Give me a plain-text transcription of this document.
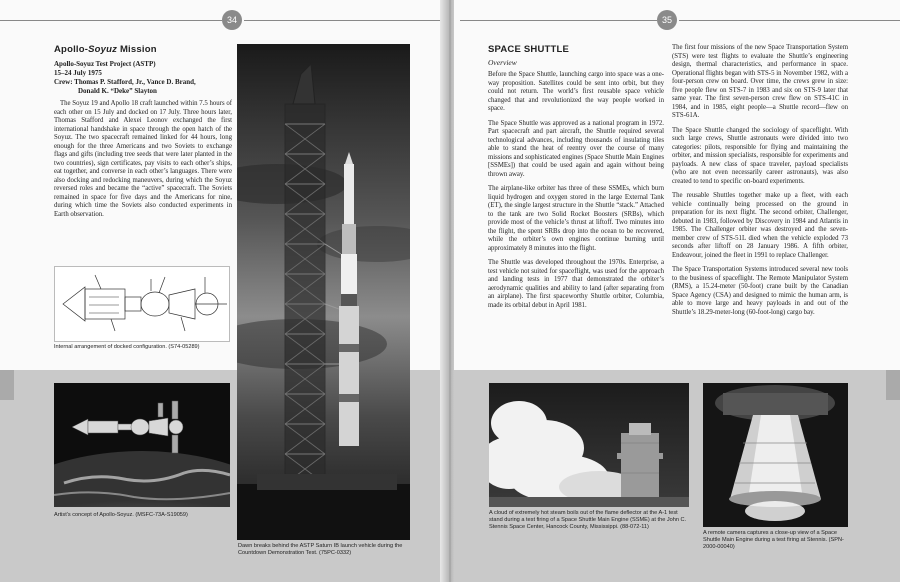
34
Apollo-Soyuz Mission
Apollo-Soyuz Test Project (ASTP)
15–24 July 1975
Crew: Thomas P. Stafford, Jr., Vance D. Brand,
Donald K. “Deke” Slayton

The Soyuz 19 and Apollo 18 craft launched within 7.5 hours of each other on 15 July and docked on 17 July. Three hours later, Thomas Stafford and Alexei Leonov exchanged the first international handshake in space through the open hatch of the Soyuz. The two spacecraft remained linked for 44 hours, long enough for the three Americans and two Soviets to exchange flags and gifts (including tree seeds that were later planted in the two countries), sign certificates, pay visits to each other’s ships, eat together, and converse in each other’s languages. There were also docking and redocking maneuvers, during which the Soyuz reversed roles and became the “active” spacecraft. The Soviets remained in space for five days and the Americans for nine, during which time the Soviets also conducted experiments in Earth observation.

Internal arrangement of docked configuration. (S74-05289)
Artist’s concept of Apollo-Soyuz. (MSFC-73A-S19059)
Dawn breaks behind the ASTP Saturn IB launch vehicle during the Countdown Demonstration Test. (75PC-0332)
35
SPACE SHUTTLE
Overview

Before the Space Shuttle, launching cargo into space was a one-way proposition. Satellites could be sent into orbit, but they could not return. The world’s first reusable space vehicle changed that and revolutionized the way people worked in space.

The Space Shuttle was approved as a national program in 1972. Part spacecraft and part aircraft, the Shuttle required several technological advances, including thousands of insulating tiles able to stand the heat of reentry over the course of many missions and sophisticated engines (Space Shuttle Main Engines [SSMEs]) that could be used again and again without being thrown away.

The airplane-like orbiter has three of these SSMEs, which burn liquid hydrogen and oxygen stored in the large External Tank (ET), the single largest structure in the Shuttle “stack.” Attached to the tank are two Solid Rocket Boosters (SRBs), which provide most of the vehicle’s thrust at liftoff. Two minutes into the flight, the spent SRBs drop into the ocean to be recovered, while the orbiter’s own engines continue burning until approximately 8 minutes into the flight.

The Shuttle was developed throughout the 1970s. Enterprise, a test vehicle not suited for spaceflight, was used for the approach and landing tests in 1977 that demonstrated the orbiter’s aerodynamic qualities and ability to land (after separating from an airplane). The first spaceworthy Shuttle orbiter, Columbia, made its orbital debut in April 1981.

The first four missions of the new Space Transportation System (STS) were test flights to evaluate the Shuttle’s engineering design, thermal characteristics, and performance in space. Operational flights began with STS-5 in November 1982, with a four-person crew on board. Over time, the crews grew in size: five people flew on STS-7 in 1983 and six on STS-9 later that same year. The first seven-person crew flew on STS-41C in 1984, and in 1985, eight people—a Shuttle record—flew on STS-61A.

The Space Shuttle changed the sociology of spaceflight. With such large crews, Shuttle astronauts were divided into two categories: pilots, responsible for flying and maintaining the orbiter, and mission specialists, responsible for experiments and payloads. A new class of space traveler, payload specialists (who are not even necessarily career astronauts), was also created to tend to specific on-board experiments.

The reusable Shuttles together make up a fleet, with each vehicle continually being processed on the ground in preparation for its next flight. The second orbiter, Challenger, debuted in 1983, followed by Discovery in 1984 and Atlantis in 1985. The Challenger orbiter was destroyed and the seven-member crew of STS-51L died when the vehicle exploded 73 seconds after liftoff on 28 January 1986. A fifth orbiter, Endeavour, joined the fleet in 1991 to replace Challenger.

The Space Transportation Systems introduced several new tools to the business of spaceflight. The Remote Manipulator System (RMS), a 15.24-meter (50-foot) crane built by the Canadian Space Agency (CSA) and designed to mimic the human arm, is able to move large and heavy payloads in and out of the Shuttle’s 18.29-meter-long (60-foot-long) cargo bay.

A cloud of extremely hot steam boils out of the flame deflector at the A-1 test stand during a test firing of a Space Shuttle Main Engine (SSME) at the John C. Stennis Space Center, Hancock County, Mississippi. (88-072-11)
A remote camera captures a close-up view of a Space Shuttle Main Engine during a test firing at Stennis. (SPN-2000-00040)
